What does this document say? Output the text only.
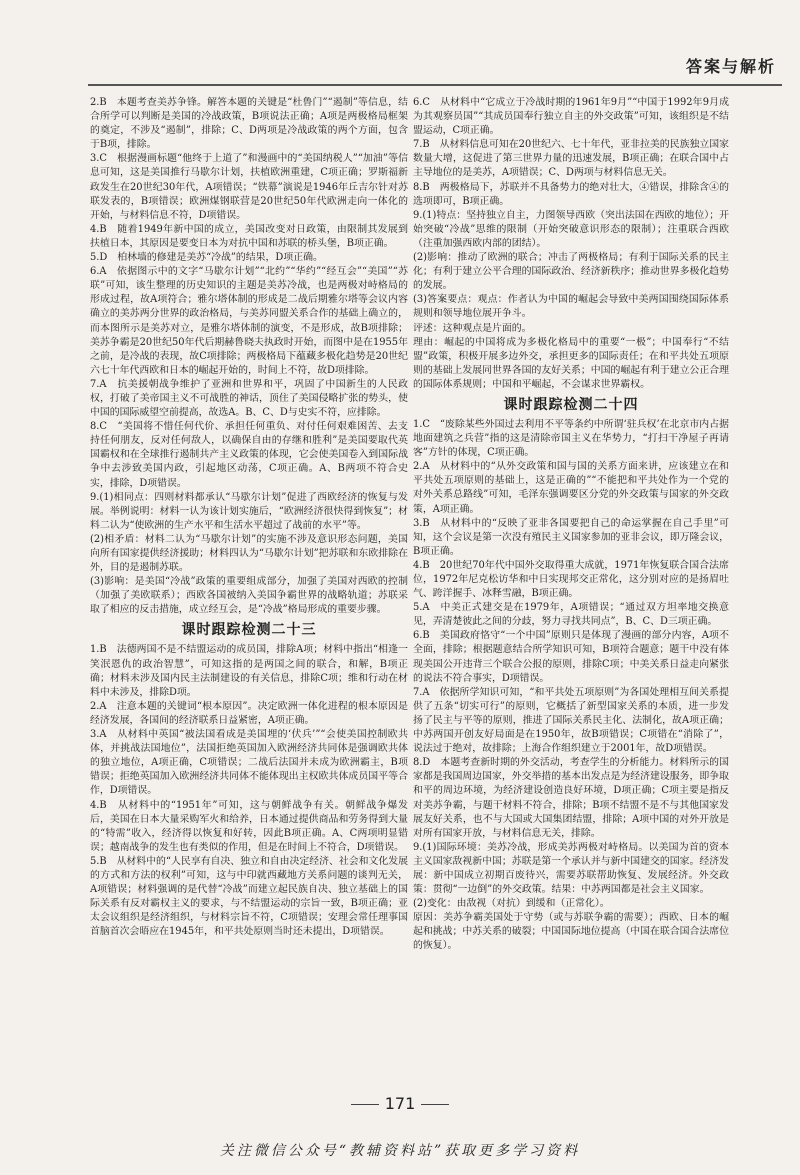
答案与解析

2.B　本题考查美苏争锋。解答本题的关键是“杜鲁门”“遏制”等信息，结合所学可以判断是美国的冷战政策，B项说法正确；A项是两极格局框架的奠定，不涉及“遏制”，排除；C、D两项是冷战政策的两个方面，包含于B项，排除。

3.C　根据漫画标题“他终于上道了”和漫画中的“美国纳税人”“加油”等信息可知，这是美国推行马歇尔计划，扶植欧洲重建，C项正确；罗斯福新政发生在20世纪30年代，A项错误；“铁幕”演说是1946年丘吉尔针对苏联发表的，B项错误；欧洲煤钢联营是20世纪50年代欧洲走向一体化的开始，与材料信息不符，D项错误。

4.B　随着1949年新中国的成立，美国改变对日政策，由限制其发展到扶植日本，其原因是要变日本为对抗中国和苏联的桥头堡，B项正确。

5.D　柏林墙的修建是美苏“冷战”的结果，D项正确。

6.A　依据图示中的文字“马歇尔计划”“北约”“华约”“经互会”“美国”“苏联”可知，该生整理的历史知识的主题是美苏冷战，也是两极对峙格局的形成过程，故A项符合；雅尔塔体制的形成是二战后期雅尔塔等会议内容确立的美苏两分世界的政治格局，与美苏同盟关系合作的基础上确立的，而本图所示是美苏对立，是雅尔塔体制的演变，不是形成，故B项排除；美苏争霸是20世纪50年代后期赫鲁晓夫执政时开始，而图中是在1955年之前，是冷战的表现，故C项排除；两极格局下蕴藏多极化趋势是20世纪六七十年代西欧和日本的崛起开始的，时间上不符，故D项排除。

7.A　抗美援朝战争维护了亚洲和世界和平，巩固了中国新生的人民政权，打破了美帝国主义不可战胜的神话，顶住了美国侵略扩张的势头，使中国的国际威望空前提高，故选A。B、C、D与史实不符，应排除。

8.C　“美国将不惜任何代价、承担任何重负、对付任何艰难困苦、去支持任何朋友，反对任何敌人，以确保自由的存继和胜利”是美国要取代英国霸权和在全球推行遏制共产主义政策的体现，它会使美国卷入到国际战争中去涉致美国内政，引起地区动荡，C项正确。A、B两项不符合史实，排除，D项错误。

9.(1)相同点：四则材料都承认“马歇尔计划”促进了西欧经济的恢复与发展。举例说明：材料一认为该计划实施后，“欧洲经济很快得到恢复”；材料二认为“使欧洲的生产水平和生活水平超过了战前的水平”等。

(2)相矛盾：材料二认为“马歇尔计划”的实施不涉及意识形态问题，美国向所有国家提供经济援助；材料四认为“马歇尔计划”把苏联和东欧排除在外，目的是遏制苏联。

(3)影响：是美国“冷战”政策的重要组成部分，加强了美国对西欧的控制（加强了美欧联系）；西欧各国被纳入美国争霸世界的战略轨道；苏联采取了相应的反击措施，成立经互会，是“冷战”格局形成的重要步骤。

课时跟踪检测二十三

1.B　法德两国不是不结盟运动的成员国，排除A项；材料中指出“相逢一笑泯恩仇的政治智慧”，可知这指的是两国之间的联合，和解，B项正确；材料未涉及国内民主法制建设的有关信息，排除C项；维和行动在材料中未涉及，排除D项。

2.A　注意本题的关键词“根本原因”。决定欧洲一体化进程的根本原因是经济发展，各国间的经济联系日益紧密，A项正确。

3.A　从材料中英国“被法国看成是美国埋的‘伏兵’”“会使美国控制欧共体，并挑战法国地位”，法国拒绝英国加入欧洲经济共同体是强调欧共体的独立地位，A项正确，C项错误；二战后法国并未成为欧洲霸主，B项错误；拒绝英国加入欧洲经济共同体不能体现出主权欧共体成员国平等合作，D项错误。

4.B　从材料中的“1951年”可知，这与朝鲜战争有关。朝鲜战争爆发后，美国在日本大量采购军火和给养，日本通过提供商品和劳务得到大量的“特需”收入，经济得以恢复和好转，因此B项正确。A、C两项明显错误；越南战争的发生也有类似的作用，但是在时间上不符合，D项错误。

5.B　从材料中的“人民享有自决、独立和自由决定经济、社会和文化发展的方式和方法的权利”可知，这与中印就西藏地方关系问题的谈判无关，A项错误；材料强调的是代替“冷战”而建立起民族自决、独立基础上的国际关系有反对霸权主义的要求，与不结盟运动的宗旨一致，B项正确；亚太会议组织是经济组织，与材料宗旨不符，C项错误；安理会常任理事国首脑首次会晤应在1945年，和平共处原则当时还未提出，D项错误。

6.C　从材料中“它成立于冷战时期的1961年9月”“中国于1992年9月成为其观察员国”“其成员国奉行独立自主的外交政策”可知，该组织是不结盟运动，C项正确。

7.B　从材料信息可知在20世纪六、七十年代，亚非拉美的民族独立国家数量大增，这促进了第三世界力量的迅速发展，B项正确；在联合国中占主导地位的是美苏，A项错误；C、D两项与材料信息无关。

8.B　两极格局下，苏联并不具备势力的绝对壮大，④错误，排除含④的选项即可，B项正确。

9.(1)特点：坚持独立自主，力图领导西欧（突出法国在西欧的地位）；开始突破“冷战”思维的限制（开始突破意识形态的限制）；注重联合西欧（注重加强西欧内部的团结）。

(2)影响：推动了欧洲的联合；冲击了两极格局；有利于国际关系的民主化；有利于建立公平合理的国际政治、经济新秩序；推动世界多极化趋势的发展。

(3)答案要点：观点：作者认为中国的崛起会导致中美两国围绕国际体系规则和领导地位展开争斗。

评述：这种观点是片面的。

理由：崛起的中国将成为多极化格局中的重要“一极”；中国奉行“不结盟”政策，积极开展多边外交，承担更多的国际责任；在和平共处五项原则的基础上发展同世界各国的友好关系；中国的崛起有利于建立公正合理的国际体系规则；中国和平崛起，不会谋求世界霸权。

课时跟踪检测二十四

1.C　“废除某些外国过去利用不平等条约中所谓‘驻兵权’在北京市内占据地面建筑之兵营”指的这是清除帝国主义在华势力，“打扫干净屋子再请客”方针的体现，C项正确。

2.A　从材料中的“从外交政策和国与国的关系方面来讲，应该建立在和平共处五项原则的基础上，这是正确的”“不能把和平共处作为一个党的对外关系总路线”可知，毛泽东强调要区分党的外交政策与国家的外交政策，A项正确。

3.B　从材料中的“反映了亚非各国要把自己的命运掌握在自己手里”可知，这个会议是第一次没有殖民主义国家参加的亚非会议，即万隆会议，B项正确。

4.B　20世纪70年代中国外交取得重大成就，1971年恢复联合国合法席位，1972年尼克松访华和中日实现邦交正常化，这分别对应的是扬眉吐气、跨洋握手、冰释雪融，B项正确。

5.A　中美正式建交是在1979年，A项错误；“通过双方坦率地交换意见，弄清楚彼此之间的分歧，努力寻找共同点”，B、C、D三项正确。

6.B　美国政府恪守“一个中国”原则只是体现了漫画的部分内容，A项不全面，排除；根据题意结合所学知识可知，B项符合题意；题干中没有体现美国公开违背三个联合公报的原则，排除C项；中美关系日益走向紧张的说法不符合事实，D项错误。

7.A　依据所学知识可知，“和平共处五项原则”为各国处理相互间关系提供了五条“切实可行”的原则，它概括了新型国家关系的本质，进一步发扬了民主与平等的原则，推进了国际关系民主化、法制化，故A项正确；中苏两国开创友好局面是在1950年，故B项错误；C项错在“消除了”，说法过于绝对，故排除；上海合作组织建立于2001年，故D项错误。

8.D　本题考查新时期的外交活动，考查学生的分析能力。材料所示的国家都是我国周边国家，外交举措的基本出发点是为经济建设服务，即争取和平的周边环境，为经济建设创造良好环境，D项正确；C项主要是指反对美苏争霸，与题干材料不符合，排除；B项不结盟不是不与其他国家发展友好关系，也不与大国或大国集团结盟，排除；A项中国的对外开放是对所有国家开放，与材料信息无关，排除。

9.(1)国际环境：美苏冷战，形成美苏两极对峙格局。以美国为首的资本主义国家敌视新中国；苏联是第一个承认并与新中国建交的国家。经济发展：新中国成立初期百废待兴，需要苏联帮助恢复、发展经济。外交政策：贯彻“一边倒”的外交政策。结果：中苏两国都是社会主义国家。

(2)变化：由敌视（对抗）到缓和（正常化）。

原因：美苏争霸美国处于守势（或与苏联争霸的需要）；西欧、日本的崛起和挑战；中苏关系的破裂；中国国际地位提高（中国在联合国合法席位的恢复）。

171
关注微信公众号“教辅资料站”获取更多学习资料
